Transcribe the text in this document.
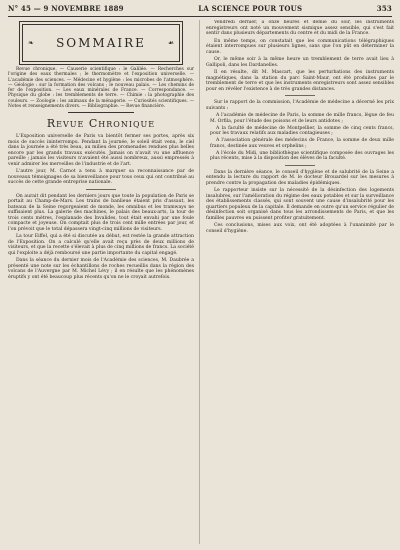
N° 45 — 9 NOVEMBRE 1889	LA SCIENCE POUR TOUS	353
❧ SOMMAIRE	☙

Revue chronique. — Causerie scientifique : le Galilée. — Recherches sur l'origine des eaux thermales ; le thermomètre et l'exposition universelle. — L'académie des sciences. — Médecine et hygiène : les microbes de l'atmosphère. — Géologie : sur la formation des volcans ; le nouveau palais. — Les chemins de fer de l'exposition. — Les eaux minérales de France. — Correspondance. — Physique du globe : les tremblements de terre. — Chimie : la photographie des couleurs. — Zoologie : les animaux de la ménagerie. — Curiosités scientifiques. — Notes et renseignements divers. — Bibliographie. — Revue financière.

Revue Chronique

L'Exposition universelle de Paris va bientôt fermer ses portes, après six mois de succès ininterrompu. Pendant la journée, le soleil était venu, le ciel dans la journée a été très beau, au milieu des promenades rendues plus belles encore par les grands travaux exécutés. Jamais on n'avait vu une affluence pareille ; jamais les visiteurs n'avaient été aussi nombreux, aussi empressés à venir admirer les merveilles de l'industrie et de l'art.

L'autre jour, M. Carnot a tenu à marquer sa reconnaissance par de nouveaux témoignages de sa bienveillance pour tous ceux qui ont contribué au succès de cette grande entreprise nationale.

On aurait dit pendant les derniers jours que toute la population de Paris se portait au Champ-de-Mars. Les trains de banlieue étaient pris d'assaut, les bateaux de la Seine regorgeaient de monde, les omnibus et les tramways ne suffisaient plus. La galerie des machines, le palais des beaux-arts, la tour de trois cents mètres, l'esplanade des Invalides, tout était envahi par une foule compacte et joyeuse. On comptait plus de trois cent mille entrées par jour, et l'on prévoit que le total dépassera vingt-cinq millions de visiteurs.

La tour Eiffel, qui a été si discutée au début, est restée la grande attraction de l'Exposition. On a calculé qu'elle avait reçu près de deux millions de visiteurs, et que la recette s'élevait à plus de cinq millions de francs. La société qui l'exploite a déjà remboursé une partie importante du capital engagé.

Dans la séance du dernier mois de l'Académie des sciences, M. Daubrée a présenté une note sur les échantillons de roches recueillis dans la région des volcans de l'Auvergne par M. Michel Lévy ; il en résulte que les phénomènes éruptifs y ont été beaucoup plus récents qu'on ne le croyait autrefois.

Vendredi dernier, à onze heures et demie du soir, les instruments enregistreurs ont noté un mouvement sismique assez sensible, qui s'est fait sentir dans plusieurs départements du centre et du midi de la France.

En même temps, on constatait que les communications télégraphiques étaient interrompues sur plusieurs lignes, sans que l'on pût en déterminer la cause.

Or, le même soir à la même heure un tremblement de terre avait lieu à Gallipoli, dans les Dardanelles.

Il en résulte, dit M. Mascart, que les perturbations des instruments magnétiques, dans la station du parc Saint-Maur, ont été produites par le tremblement de terre et que les instruments enregistreurs sont assez sensibles pour en révéler l'existence à de très grandes distances.

Sur le rapport de la commission, l'Académie de médecine a décerné les prix suivants :

A l'académie de médecine de Paris, la somme de mille francs, lègue de feu M. Orfila, pour l'étude des poisons et de leurs antidotes ;

A la faculté de médecine de Montpellier, la somme de cinq cents francs, pour les travaux relatifs aux maladies contagieuses ;

A l'association générale des médecins de France, la somme de deux mille francs, destinée aux veuves et orphelins ;

A l'école du Midi, une bibliothèque scientifique composée des ouvrages les plus récents, mise à la disposition des élèves de la faculté.

Dans la dernière séance, le conseil d'hygiène et de salubrité de la Seine a entendu la lecture du rapport de M. le docteur Brouardel sur les mesures à prendre contre la propagation des maladies épidémiques.

Le rapporteur insiste sur la nécessité de la désinfection des logements insalubres, sur l'amélioration du régime des eaux potables et sur la surveillance des établissements classés, qui sont souvent une cause d'insalubrité pour les quartiers populeux de la capitale. Il demande en outre qu'un service régulier de désinfection soit organisé dans tous les arrondissements de Paris, et que les familles pauvres en puissent profiter gratuitement.

Ces conclusions, mises aux voix, ont été adoptées à l'unanimité par le conseil d'hygiène.
